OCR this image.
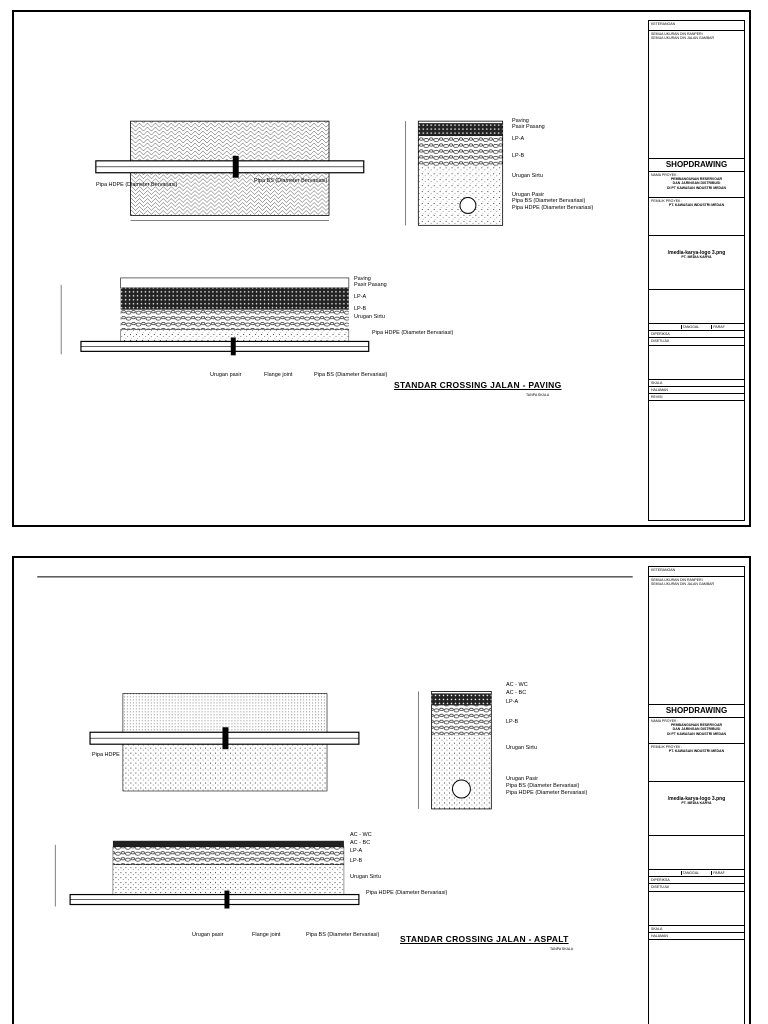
Paving
Pasir Pasang
LP-A
LP-B
Urugan Sirtu
Urugan Pasir
Pipa BS (Diameter Bervariasi)
Pipa HDPE (Diameter Bervariasi)
Pipa HDPE (Diameter Bervariasi)
Pipa BS (Diameter Bervariasi)
Paving
Pasir Pasang
LP-A
LP-B
Urugan Sirtu
Pipa HDPE (Diameter Bervariasi)
Urugan pasir	Flange joint	Pipa BS (Diameter Bervariasi)
STANDAR CROSSING JALAN - PAVING
TANPA SKALA
KETERANGAN
SEMUA UKURAN DIN RANPERI
SEMUA UKURAN DIN JALAN GAMBAR
SHOPDRAWING
NAMA PROYEK :
PEMBANGUNAN RESERVOAR
DAN JARINGAN DISTRIBUSI
DI PT KAWASAN INDUSTRI MEDAN
PEMILIK PROYEK :
PT. KAWASAN INDUSTRI MEDAN
/media-karya-logo 3.png
PT. MEDIA KARYA
TANGGAL	PARAF
DIPERIKSA
DISETUJUI
SKALA
HALAMAN
REVISI
AC - WC
AC - BC
LP-A
LP-B
Urugan Sirtu
Urugan Pasir
Pipa BS (Diameter Bervariasi)
Pipa HDPE (Diameter Bervariasi)
Pipa HDPE
AC - WC
AC - BC
LP-A
LP-B
Urugan Sirtu
Pipa HDPE (Diameter Bervariasi)
Urugan pasir	Flange joint	Pipa BS (Diameter Bervariasi) STANDAR CROSSING JALAN - ASPALT
TANPA SKALA
KETERANGAN
SEMUA UKURAN DIN RANPERI
SEMUA UKURAN DIN JALAN GAMBAR
SHOPDRAWING
NAMA PROYEK :
PEMBANGUNAN RESERVOAR
DAN JARINGAN DISTRIBUSI
DI PT KAWASAN INDUSTRI MEDAN
PEMILIK PROYEK :
PT. KAWASAN INDUSTRI MEDAN
/media-karya-logo 3.png
PT. MEDIA KARYA
TANGGAL	PARAF
DIPERIKSA
DISETUJUI
SKALA
HALAMAN
